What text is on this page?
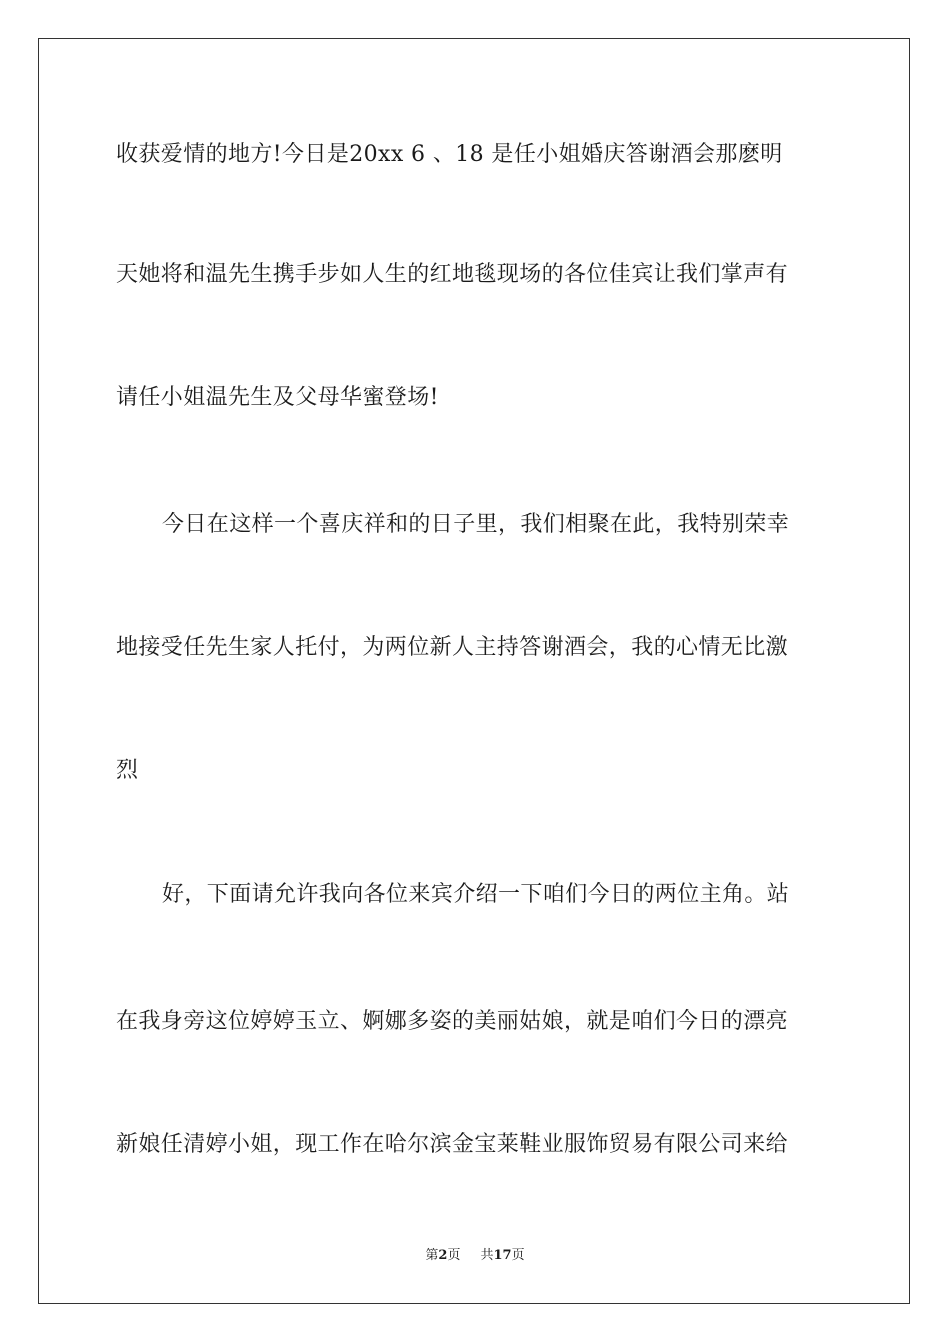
收获爱情的地方!今日是20xx 6 、18 是任小姐婚庆答谢酒会那麽明

天她将和温先生携手步如人生的红地毯现场的各位佳宾让我们掌声有

请任小姐温先生及父母华蜜登场!

今日在这样一个喜庆祥和的日子里，我们相聚在此，我特别荣幸

地接受任先生家人托付，为两位新人主持答谢酒会，我的心情无比激

烈

好，下面请允许我向各位来宾介绍一下咱们今日的两位主角。站

在我身旁这位婷婷玉立、婀娜多姿的美丽姑娘，就是咱们今日的漂亮

新娘任清婷小姐，现工作在哈尔滨金宝莱鞋业服饰贸易有限公司来给

第2页 共17页
